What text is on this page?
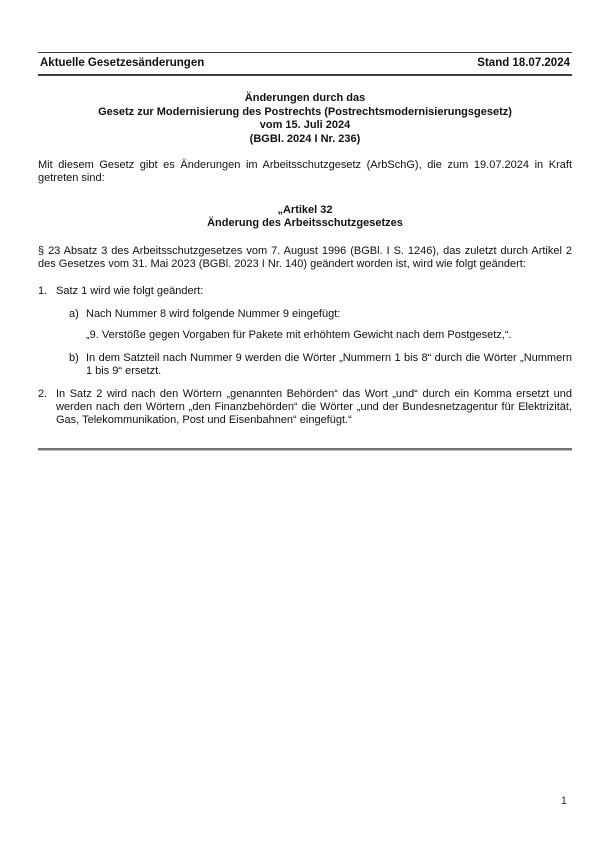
Aktuelle Gesetzesänderungen	Stand 18.07.2024
Änderungen durch das
Gesetz zur Modernisierung des Postrechts (Postrechtsmodernisierungsgesetz)
vom 15. Juli 2024
(BGBl. 2024 I Nr. 236)
Mit diesem Gesetz gibt es Änderungen im Arbeitsschutzgesetz (ArbSchG), die zum 19.07.2024 in Kraft getreten sind:
„Artikel 32
Änderung des Arbeitsschutzgesetzes
§ 23 Absatz 3 des Arbeitsschutzgesetzes vom 7. August 1996 (BGBl. I S. 1246), das zuletzt durch Artikel 2 des Gesetzes vom 31. Mai 2023 (BGBl. 2023 I Nr. 140) geändert worden ist, wird wie folgt geändert:
1. Satz 1 wird wie folgt geändert:
a) Nach Nummer 8 wird folgende Nummer 9 eingefügt:
„9. Verstöße gegen Vorgaben für Pakete mit erhöhtem Gewicht nach dem Postgesetz,“.
b) In dem Satzteil nach Nummer 9 werden die Wörter „Nummern 1 bis 8“ durch die Wörter „Nummern 1 bis 9“ ersetzt.
2. In Satz 2 wird nach den Wörtern „genannten Behörden“ das Wort „und“ durch ein Komma ersetzt und werden nach den Wörtern „den Finanzbehörden“ die Wörter „und der Bundesnetzagentur für Elektrizität, Gas, Telekommunikation, Post und Eisenbahnen“ eingefügt.“
1
